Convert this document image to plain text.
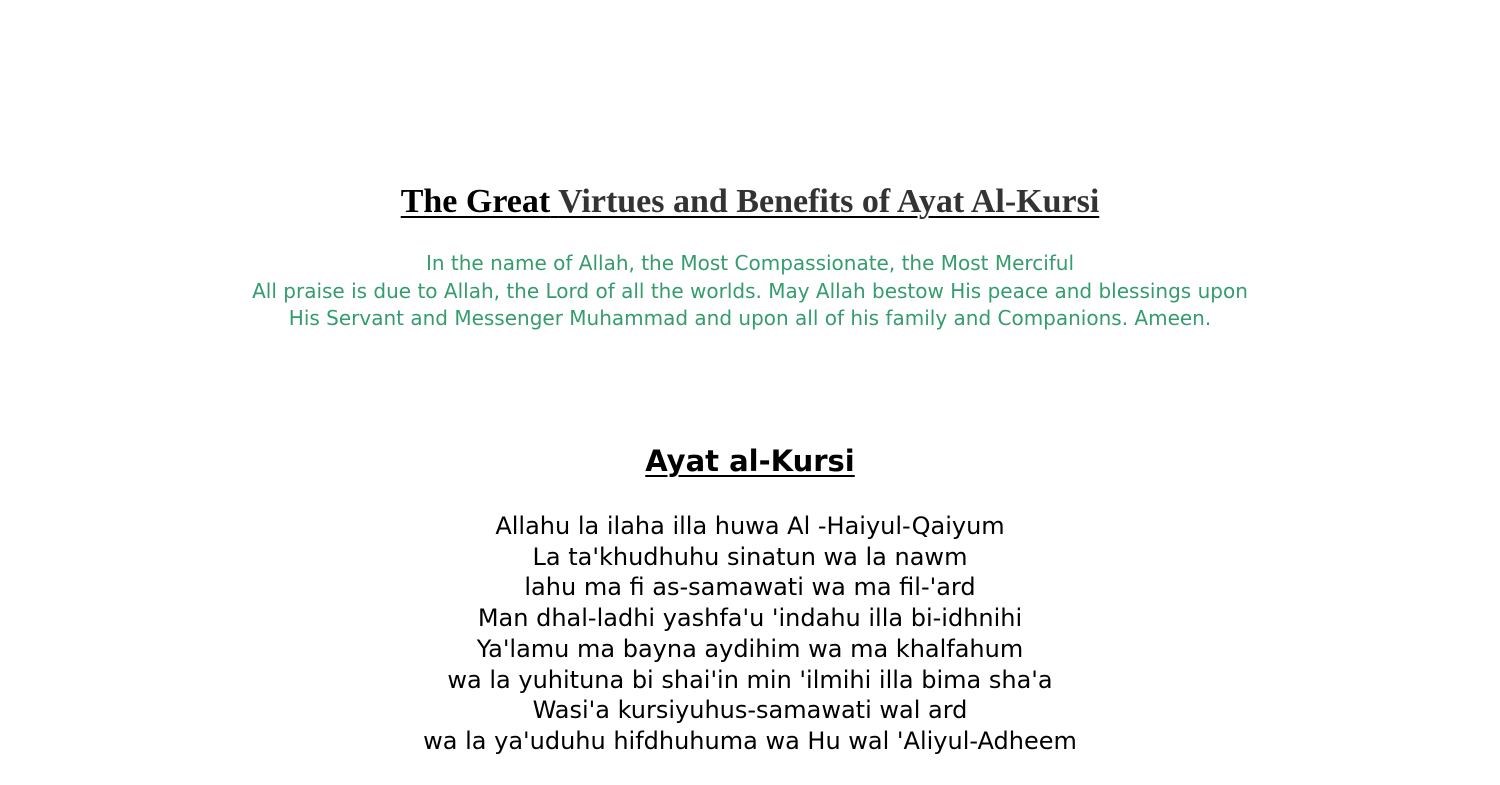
The Great Virtues and Benefits of Ayat Al-Kursi

In the name of Allah, the Most Compassionate, the Most Merciful

All praise is due to Allah, the Lord of all the worlds. May Allah bestow His peace and blessings upon His Servant and Messenger Muhammad and upon all of his family and Companions. Ameen.

Ayat al-Kursi
Allahu la ilaha illa huwa Al -Haiyul-Qaiyum
La ta'khudhuhu sinatun wa la nawm
lahu ma fi as-samawati wa ma fil-'ard
Man dhal-ladhi yashfa'u 'indahu illa bi-idhnihi
Ya'lamu ma bayna aydihim wa ma khalfahum
wa la yuhituna bi shai'in min 'ilmihi illa bima sha'a
Wasi'a kursiyuhus-samawati wal ard
wa la ya'uduhu hifdhuhuma wa Hu wal 'Aliyul-Adheem
